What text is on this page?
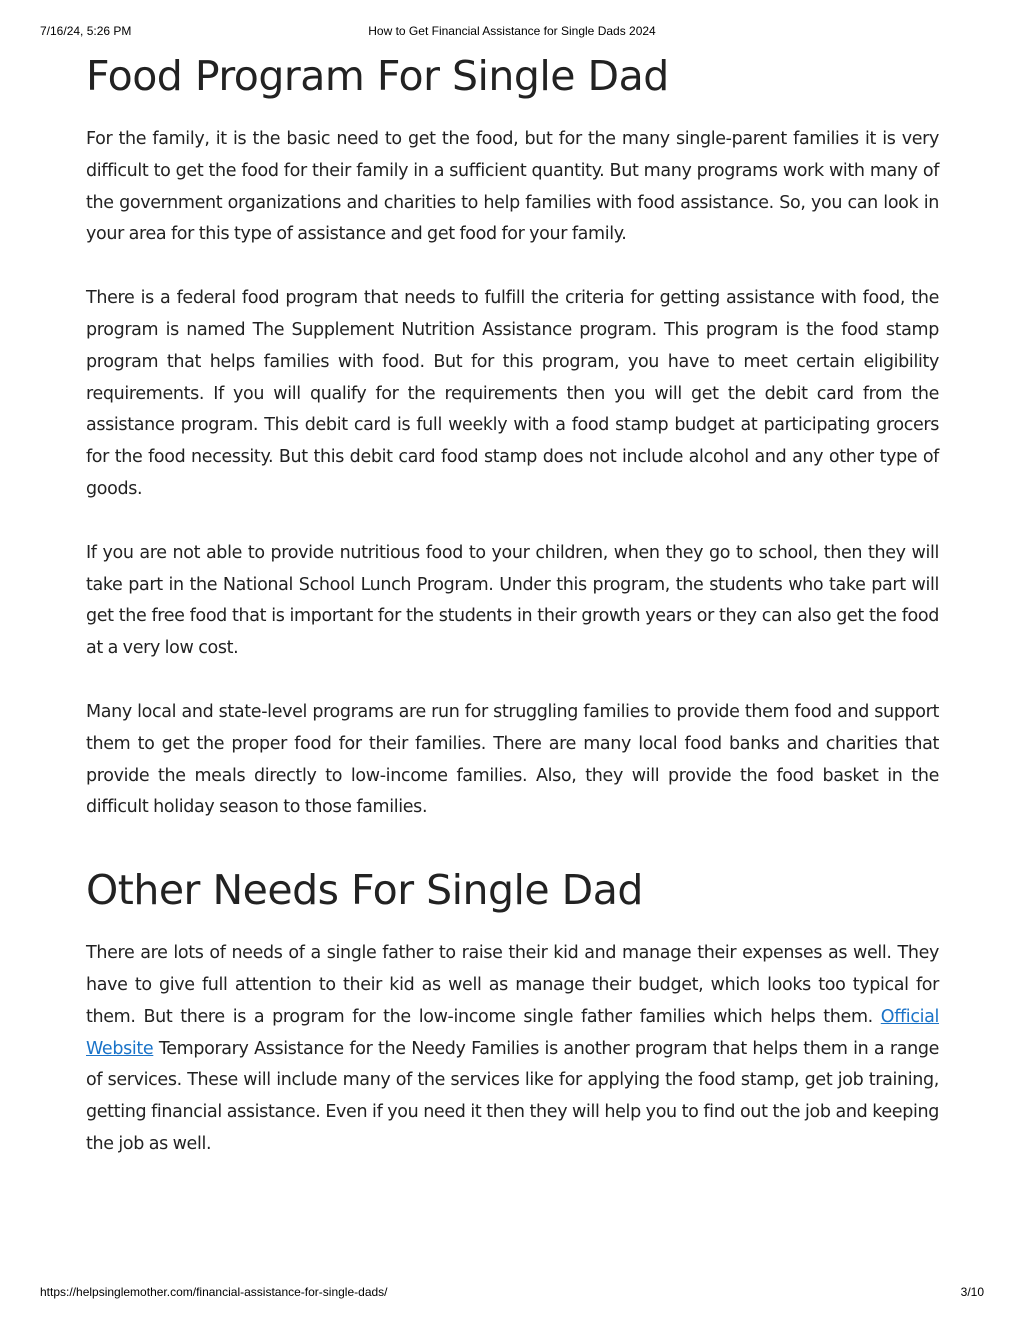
7/16/24, 5:26 PM	How to Get Financial Assistance for Single Dads 2024
Food Program For Single Dad

For the family, it is the basic need to get the food, but for the many single-parent families it is very difficult to get the food for their family in a sufficient quantity. But many programs work with many of the government organizations and charities to help families with food assistance. So, you can look in your area for this type of assistance and get food for your family.

There is a federal food program that needs to fulfill the criteria for getting assistance with food, the program is named The Supplement Nutrition Assistance program. This program is the food stamp program that helps families with food. But for this program, you have to meet certain eligibility requirements. If you will qualify for the requirements then you will get the debit card from the assistance program. This debit card is full weekly with a food stamp budget at participating grocers for the food necessity. But this debit card food stamp does not include alcohol and any other type of goods.

If you are not able to provide nutritious food to your children, when they go to school, then they will take part in the National School Lunch Program. Under this program, the students who take part will get the free food that is important for the students in their growth years or they can also get the food at a very low cost.

Many local and state-level programs are run for struggling families to provide them food and support them to get the proper food for their families. There are many local food banks and charities that provide the meals directly to low-income families. Also, they will provide the food basket in the difficult holiday season to those families.

Other Needs For Single Dad

There are lots of needs of a single father to raise their kid and manage their expenses as well. They have to give full attention to their kid as well as manage their budget, which looks too typical for them. But there is a program for the low-income single father families which helps them. Official Website Temporary Assistance for the Needy Families is another program that helps them in a range of services. These will include many of the services like for applying the food stamp, get job training, getting financial assistance. Even if you need it then they will help you to find out the job and keeping the job as well.

https://helpsinglemother.com/financial-assistance-for-single-dads/	3/10
